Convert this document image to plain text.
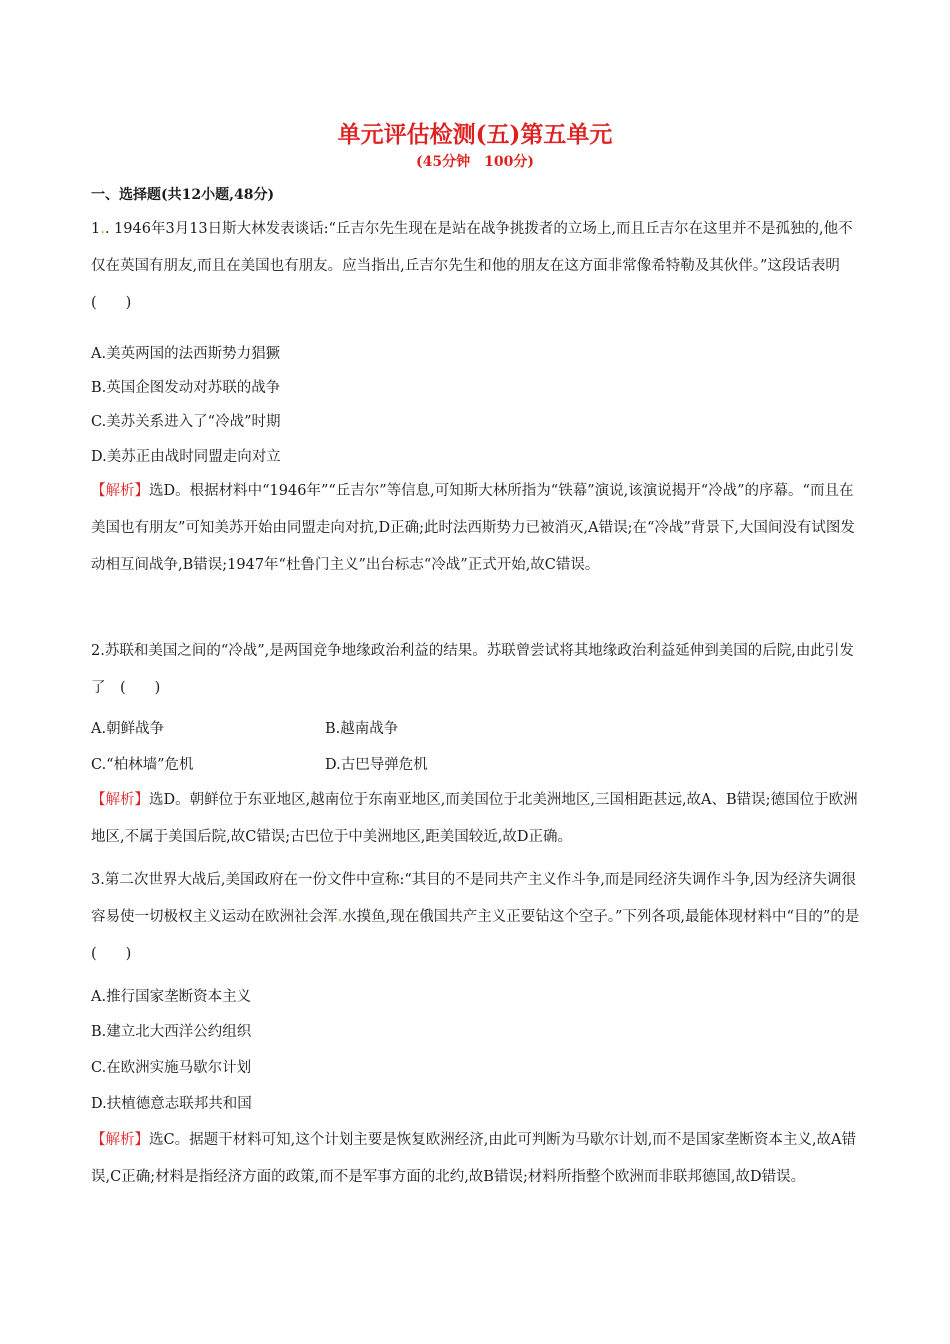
单元评估检测(五)第五单元
(45分钟　100分)
一、选择题(共12小题,48分)
1.. 1946年3月13日斯大林发表谈话:“丘吉尔先生现在是站在战争挑拨者的立场上,而且丘吉尔在这里并不是孤独的,他不仅在英国有朋友,而且在美国也有朋友。应当指出,丘吉尔先生和他的朋友在这方面非常像希特勒及其伙伴。”这段话表明　(　　)
A.美英两国的法西斯势力猖獗
B.英国企图发动对苏联的战争
C.美苏关系进入了“冷战”时期
D.美苏正由战时同盟走向对立
【解析】选D。根据材料中“1946年”“丘吉尔”等信息,可知斯大林所指为“铁幕”演说,该演说揭开“冷战”的序幕。“而且在美国也有朋友”可知美苏开始由同盟走向对抗,D正确;此时法西斯势力已被消灭,A错误;在“冷战”背景下,大国间没有试图发动相互间战争,B错误;1947年“杜鲁门主义”出台标志“冷战”正式开始,故C错误。
2.苏联和美国之间的“冷战”,是两国竞争地缘政治利益的结果。苏联曾尝试将其地缘政治利益延伸到美国的后院,由此引发了　(　　)
A.朝鲜战争	B.越南战争
C.“柏林墙”危机	D.古巴导弹危机
【解析】选D。朝鲜位于东亚地区,越南位于东南亚地区,而美国位于北美洲地区,三国相距甚远,故A、B错误;德国位于欧洲地区,不属于美国后院,故C错误;古巴位于中美洲地区,距美国较近,故D正确。
3.第二次世界大战后,美国政府在一份文件中宣称:“其目的不是同共产主义作斗争,而是同经济失调作斗争,因为经济失调很容易使一切极权主义运动在欧洲社会浑.水摸鱼,现在俄国共产主义正要钻这个空子。”下列各项,最能体现材料中“目的”的是　(　　)
A.推行国家垄断资本主义
B.建立北大西洋公约组织
C.在欧洲实施马歇尔计划
D.扶植德意志联邦共和国
【解析】选C。据题干材料可知,这个计划主要是恢复欧洲经济,由此可判断为马歇尔计划,而不是国家垄断资本主义,故A错误,C正确;材料是指经济方面的政策,而不是军事方面的北约,故B错误;材料所指整个欧洲而非联邦德国,故D错误。
